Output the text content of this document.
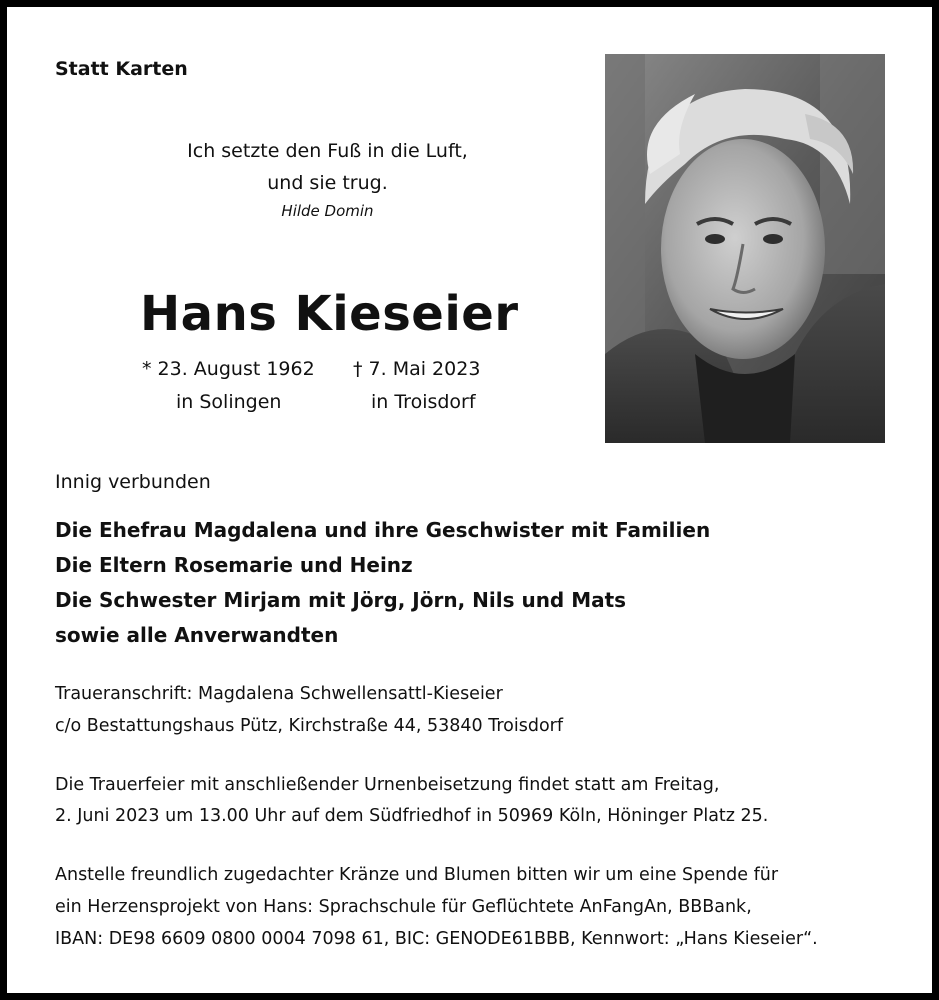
Statt Karten
Ich setzte den Fuß in die Luft,
und sie trug.
Hilde Domin
Hans Kieseier
* 23. August 1962 † 7. Mai 2023
in Solingen	in Troisdorf
Innig verbunden
Die Ehefrau Magdalena und ihre Geschwister mit Familien
Die Eltern Rosemarie und Heinz
Die Schwester Mirjam mit Jörg, Jörn, Nils und Mats
sowie alle Anverwandten
Traueranschrift: Magdalena Schwellensattl-Kieseier
c/o Bestattungshaus Pütz, Kirchstraße 44, 53840 Troisdorf
Die Trauerfeier mit anschließender Urnenbeisetzung findet statt am Freitag,
2. Juni 2023 um 13.00 Uhr auf dem Südfriedhof in 50969 Köln, Höninger Platz 25.
Anstelle freundlich zugedachter Kränze und Blumen bitten wir um eine Spende für
ein Herzensprojekt von Hans: Sprachschule für Geflüchtete AnFangAn, BBBank,
IBAN: DE98 6609 0800 0004 7098 61, BIC: GENODE61BBB, Kennwort: „Hans Kieseier“.
